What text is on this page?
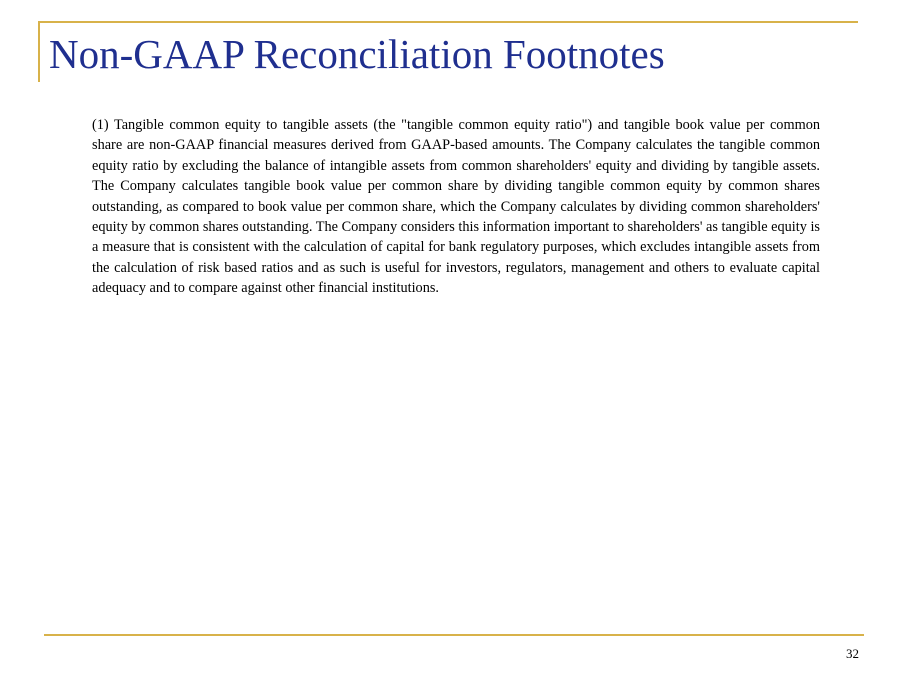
Non-GAAP Reconciliation Footnotes

(1) Tangible common equity to tangible assets (the "tangible common equity ratio") and tangible book value per common share are non-GAAP financial measures derived from GAAP-based amounts. The Company calculates the tangible common equity ratio by excluding the balance of intangible assets from common shareholders' equity and dividing by tangible assets. The Company calculates tangible book value per common share by dividing tangible common equity by common shares outstanding, as compared to book value per common share, which the Company calculates by dividing common shareholders' equity by common shares outstanding. The Company considers this information important to shareholders' as tangible equity is a measure that is consistent with the calculation of capital for bank regulatory purposes, which excludes intangible assets from the calculation of risk based ratios and as such is useful for investors, regulators, management and others to evaluate capital adequacy and to compare against other financial institutions.

32
